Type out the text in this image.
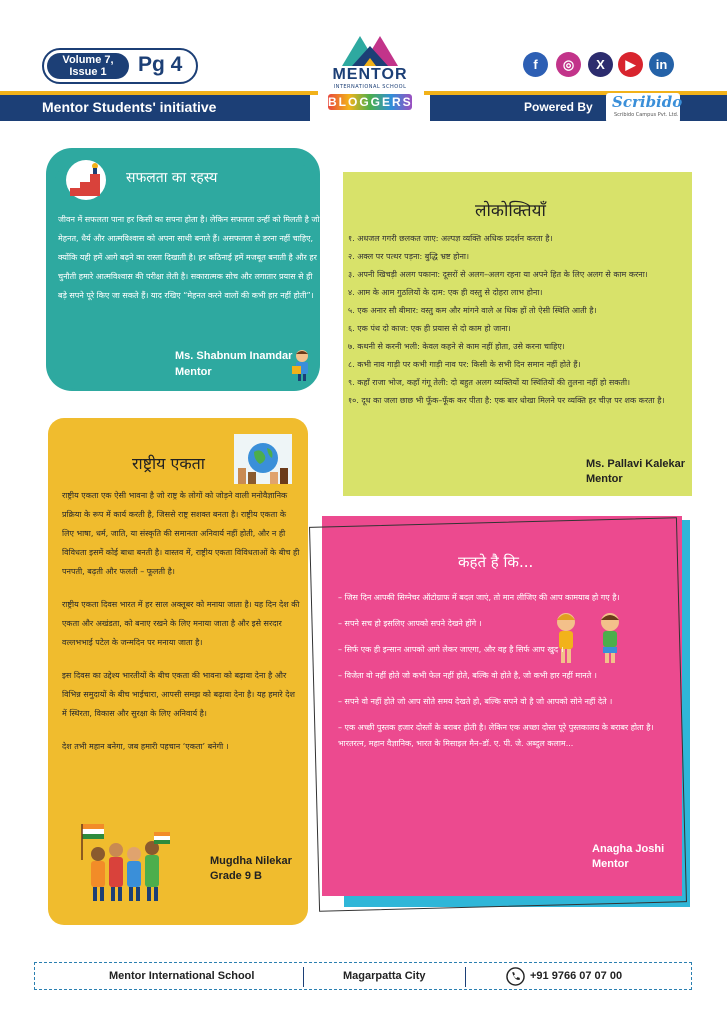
Volume 7,
Issue 1	Pg 4
Mentor Students' initiative	Powered By Scribido
Scribido Campus Pvt. Ltd.
MENTOR
INTERNATIONAL SCHOOL
BLOGGERS
f	◎	X	▶	in
सफलता का रहस्य
जीवन में सफलता पाना हर किसी का सपना होता है। लेकिन सफलता उन्हीं को मिलती है जो मेहनत, धैर्य और आत्मविश्वास को अपना साथी बनाते हैं। असफलता से डरना नहीं चाहिए, क्योंकि यही हमें आगे बढ़ने का रास्ता दिखाती है। हर कठिनाई हमें मजबूत बनाती है और हर चुनौती हमारे आत्मविश्वास की परीक्षा लेती है। सकारात्मक सोच और लगातार प्रयास से ही बड़े सपने पूरे किए जा सकते हैं। याद रखिए “मेहनत करने वालों की कभी हार नहीं होती”।
Ms. Shabnum Inamdar
Mentor
लोकोक्तियाँ
१. अधजल गगरी छलकत जाए: अल्पज्ञ व्यक्ति अधिक प्रदर्शन करता है।
२. अक्ल पर पत्थर पड़ना: बुद्धि भ्रष्ट होना।
३. अपनी खिचड़ी अलग पकाना: दूसरों से अलग–अलग रहना या अपने हित के लिए अलग से काम करना।
४. आम के आम गुठलियों के दाम: एक ही वस्तु से दोहरा लाभ होना।
५. एक अनार सौ बीमार: वस्तु कम और मांगने वाले अ धिक हों तो ऐसी स्थिति आती है।
६. एक पंथ दो काज: एक ही प्रयास से दो काम हो जाना।
७. कथनी से करनी भली: केवल कहने से काम नहीं होता, उसे करना चाहिए।
८. कभी नाव गाड़ी पर कभी गाड़ी नाव पर: किसी के सभी दिन समान नहीं होते हैं।
९. कहाँ राजा भोज, कहाँ गंगू तेली: दो बहुत अलग व्यक्तियों या स्थितियों की तुलना नहीं हो सकती।
१०. दूध का जला छाछ भी फूँक–फूँक कर पीता है: एक बार धोखा मिलने पर व्यक्ति हर चीज़ पर शक करता है।
Ms. Pallavi Kalekar
Mentor
राष्ट्रीय एकता

राष्ट्रीय एकता एक ऐसी भावना है जो राष्ट्र के लोगों को जोड़ने वाली मनोवैज्ञानिक प्रक्रिया के रूप में कार्य करती है, जिससे राष्ट्र सशक्त बनता है। राष्ट्रीय एकता के लिए भाषा, धर्म, जाति, या संस्कृति की समानता अनिवार्य नहीं होती, और न ही विविधता इसमें कोई बाधा बनती है। वास्तव में, राष्ट्रीय एकता विविधताओं के बीच ही पनपती, बढ़ती और फलती – फूलती है।

राष्ट्रीय एकता दिवस भारत में हर साल अक्तूबर को मनाया जाता है। यह दिन देश की एकता और अखंडता, को बनाए रखने के लिए मनाया जाता है और इसे सरदार वल्लभभाई पटेल के जन्मदिन पर मनाया जाता है।

इस दिवस का उद्देश्य भारतीयों के बीच एकता की भावना को बढ़ावा देना है और विभिन्न समुदायों के बीच भाईचारा, आपसी समझ को बढ़ावा देना है। यह हमारे देश में स्थिरता, विकास और सुरक्षा के लिए अनिवार्य है।

देश तभी महान बनेगा, जब हमारी पहचान ‘एकता’ बनेगी ।

Mugdha Nilekar
Grade 9 B
कहते है कि...

– जिस दिन आपकी सिग्नेचर ऑटोग्राफ में बदल जाएं, तो मान लीजिए की आप कामयाब हो गए है।

– सपने सच हो इसलिए आपको सपने देखने होंगे ।

– सिर्फ एक ही इन्सान आपको आगे लेकर जाएगा, और वह है सिर्फ आप खुद ।

– विजेता वो नहीं होते जो कभी फेल नहीं होते, बल्कि वो होते है, जो कभी हार नहीं मानते ।

– सपने वो नहीं होते जो आप सोते समय देखते हो, बल्कि सपने वो है जो आपको सोने नहीं देते ।

– एक अच्छी पुस्तक हजार दोस्तों के बराबर होती है। लेकिन एक अच्छा दोस्त पूरे पुस्तकालय के बराबर होता है। भारतरत्न, महान वैज्ञानिक, भारत के मिसाइल मैन–डॉ. ए. पी. जे. अब्दुल कलाम...

Anagha Joshi
Mentor
Mentor International School	Magarpatta City	+91 9766 07 07 00
